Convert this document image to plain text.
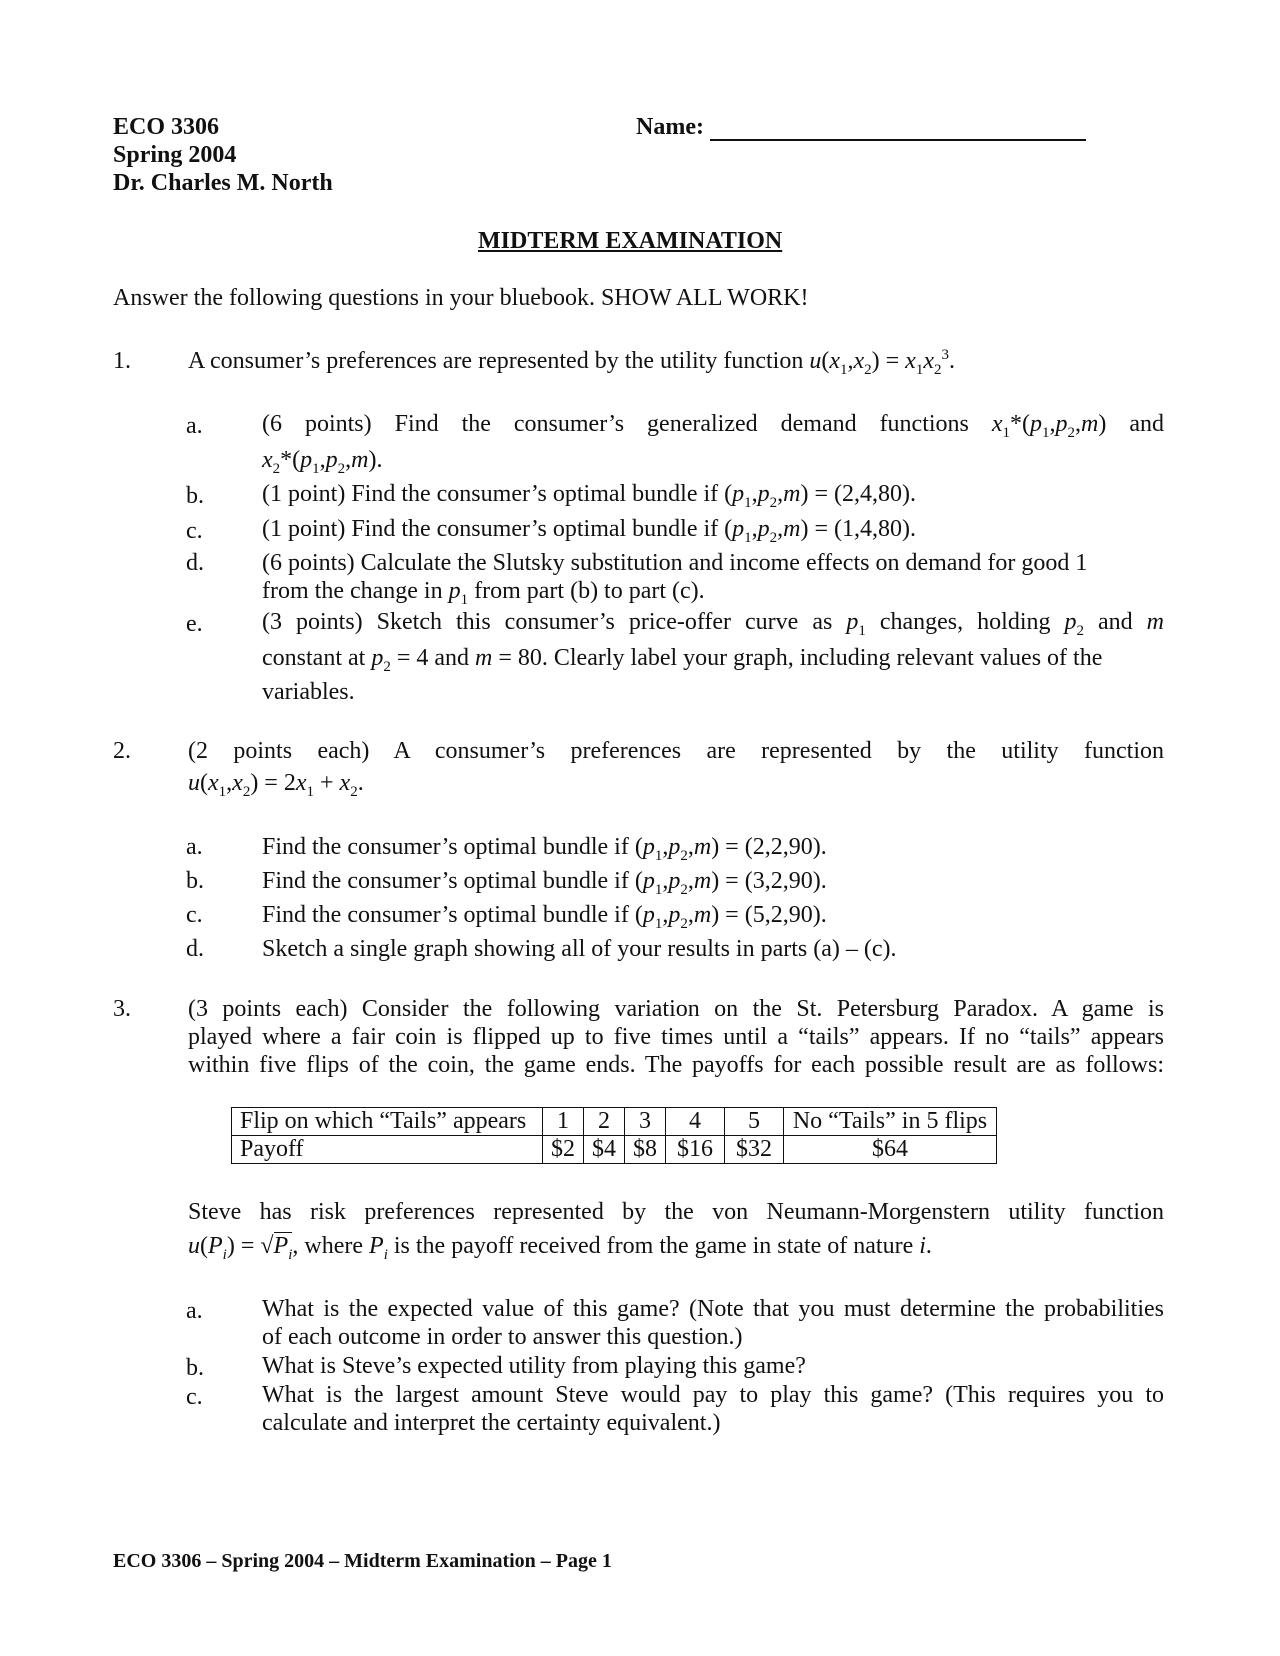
ECO 3306
Spring 2004
Dr. Charles M. North
Name:
MIDTERM EXAMINATION
Answer the following questions in your bluebook. SHOW ALL WORK!
1. A consumer’s preferences are represented by the utility function $u(x_1,x_2) = x_1x_2^3$.
a. (6 points) Find the consumer’s generalized demand functions $x_1*(p_1,p_2,m)$ and
$x_2*(p_1,p_2,m)$.
b. (1 point) Find the consumer’s optimal bundle if $(p_1,p_2,m) = (2,4,80)$.
c. (1 point) Find the consumer’s optimal bundle if $(p_1,p_2,m) = (1,4,80)$.
d. (6 points) Calculate the Slutsky substitution and income effects on demand for good 1
from the change in $p_1$ from part (b) to part (c).
e. (3 points) Sketch this consumer’s price-offer curve as $p_1$ changes, holding $p_2$ and m
constant at $p_2 = 4$ and m = 80. Clearly label your graph, including relevant values of the
variables.
2. (2 points each) A consumer’s preferences are represented by the utility function
$u(x_1,x_2) = 2x_1 + x_2$.
a. Find the consumer’s optimal bundle if $(p_1,p_2,m) = (2,2,90)$.
b. Find the consumer’s optimal bundle if $(p_1,p_2,m) = (3,2,90)$.
c. Find the consumer’s optimal bundle if $(p_1,p_2,m) = (5,2,90)$.
d. Sketch a single graph showing all of your results in parts (a) – (c).
3. (3 points each) Consider the following variation on the St. Petersburg Paradox. A game is
played where a fair coin is flipped up to five times until a “tails” appears. If no “tails” appears
within five flips of the coin, the game ends. The payoffs for each possible result are as follows:
Flip on which “Tails” appears	1	2	3	4	5	No “Tails” in 5 flips
Payoff	$2	$4	$8	$16	$32	$64
Steve has risk preferences represented by the von Neumann-Morgenstern utility function
$u(P_i) = √P_i$, where $P_i$ is the payoff received from the game in state of nature i.
a. What is the expected value of this game? (Note that you must determine the probabilities
of each outcome in order to answer this question.)
b. What is Steve’s expected utility from playing this game?
c. What is the largest amount Steve would pay to play this game? (This requires you to
calculate and interpret the certainty equivalent.)
ECO 3306 – Spring 2004 – Midterm Examination – Page 1
